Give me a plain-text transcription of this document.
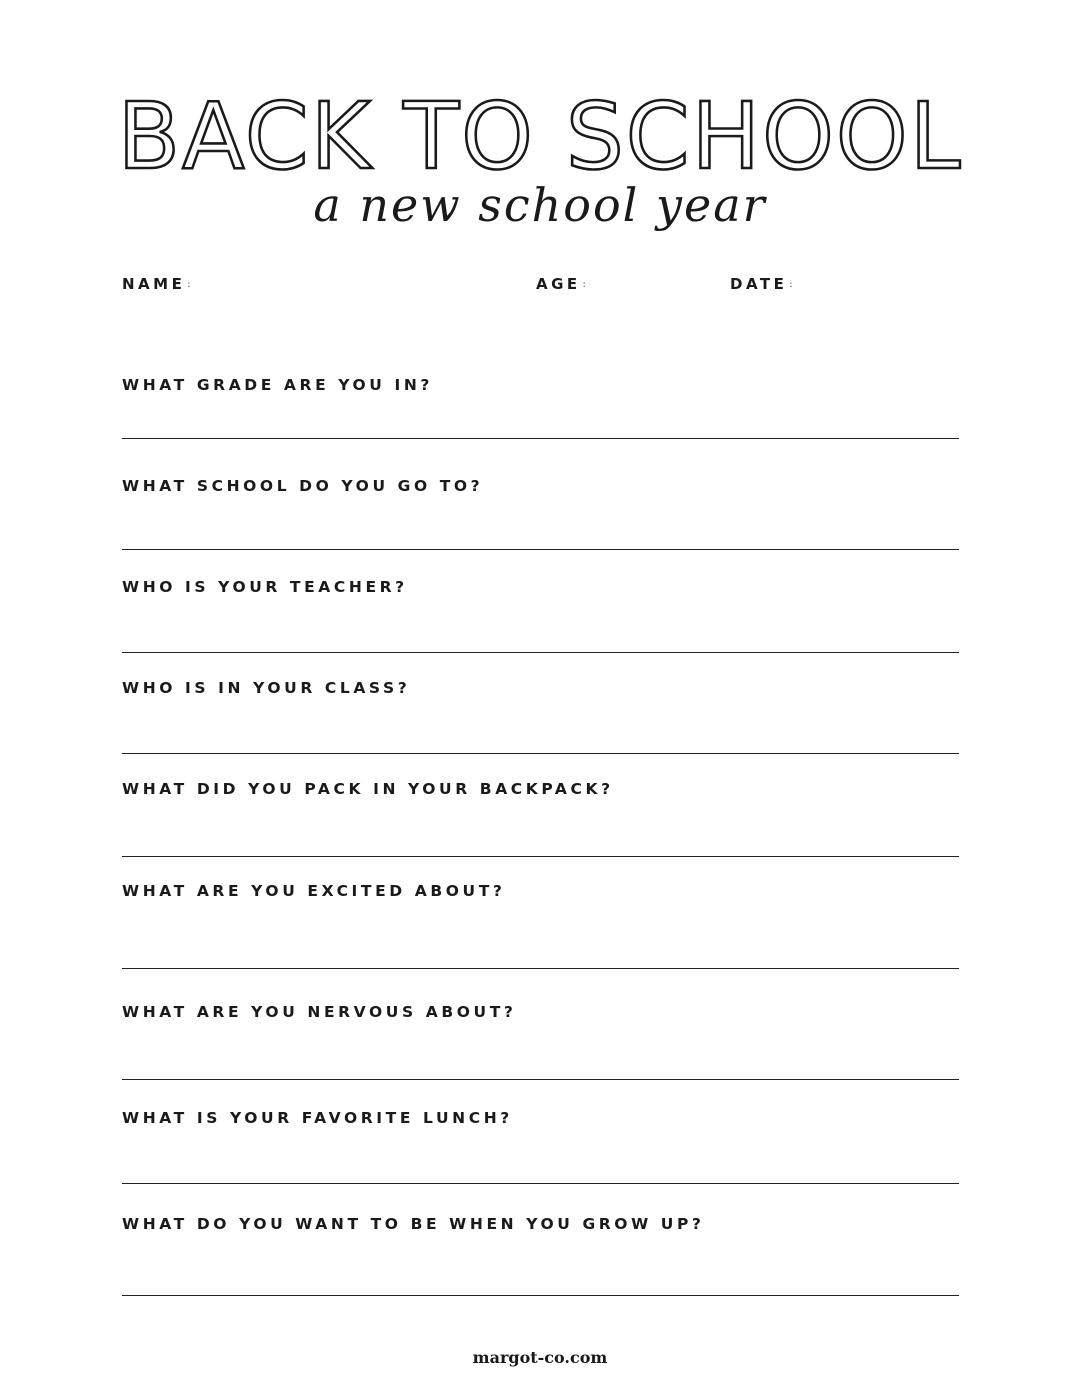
BACK TO SCHOOL
a new school year
NAME :	AGE :	DATE :
WHAT GRADE ARE YOU IN?
WHAT SCHOOL DO YOU GO TO?
WHO IS YOUR TEACHER?
WHO IS IN YOUR CLASS?
WHAT DID YOU PACK IN YOUR BACKPACK?
WHAT ARE YOU EXCITED ABOUT?
WHAT ARE YOU NERVOUS ABOUT?
WHAT IS YOUR FAVORITE LUNCH?
WHAT DO YOU WANT TO BE WHEN YOU GROW UP?
margot-co.com
